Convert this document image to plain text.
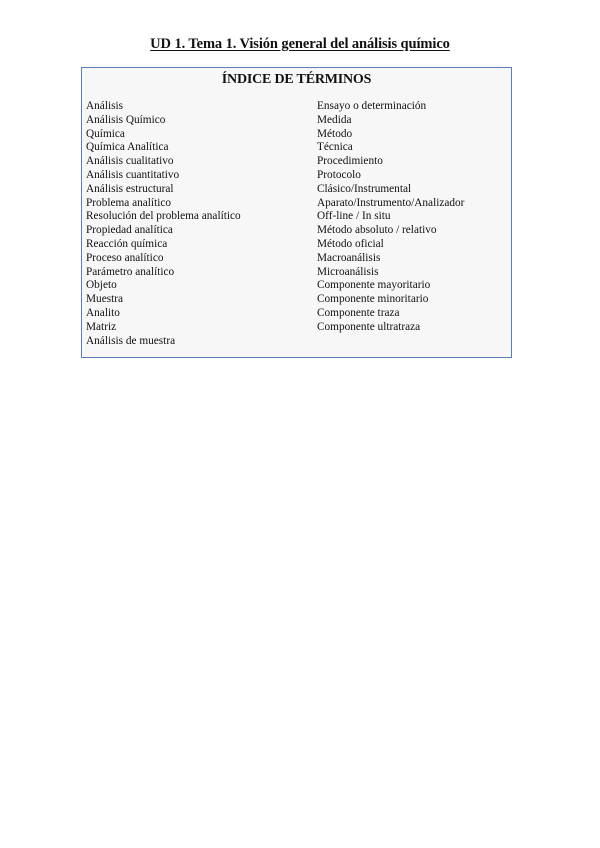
UD 1. Tema 1. Visión general del análisis químico
ÍNDICE DE TÉRMINOS
Análisis
Análisis Químico
Química
Química Analítica
Análisis cualitativo
Análisis cuantitativo
Análisis estructural
Problema analítico
Resolución del problema analítico
Propiedad analítica
Reacción química
Proceso analítico
Parámetro analítico
Objeto
Muestra
Analito
Matriz
Análisis de muestra
Ensayo o determinación
Medida
Método
Técnica
Procedimiento
Protocolo
Clásico/Instrumental
Aparato/Instrumento/Analizador
Off-line / In situ
Método absoluto / relativo
Método oficial
Macroanálisis
Microanálisis
Componente mayoritario
Componente minoritario
Componente traza
Componente ultratraza
